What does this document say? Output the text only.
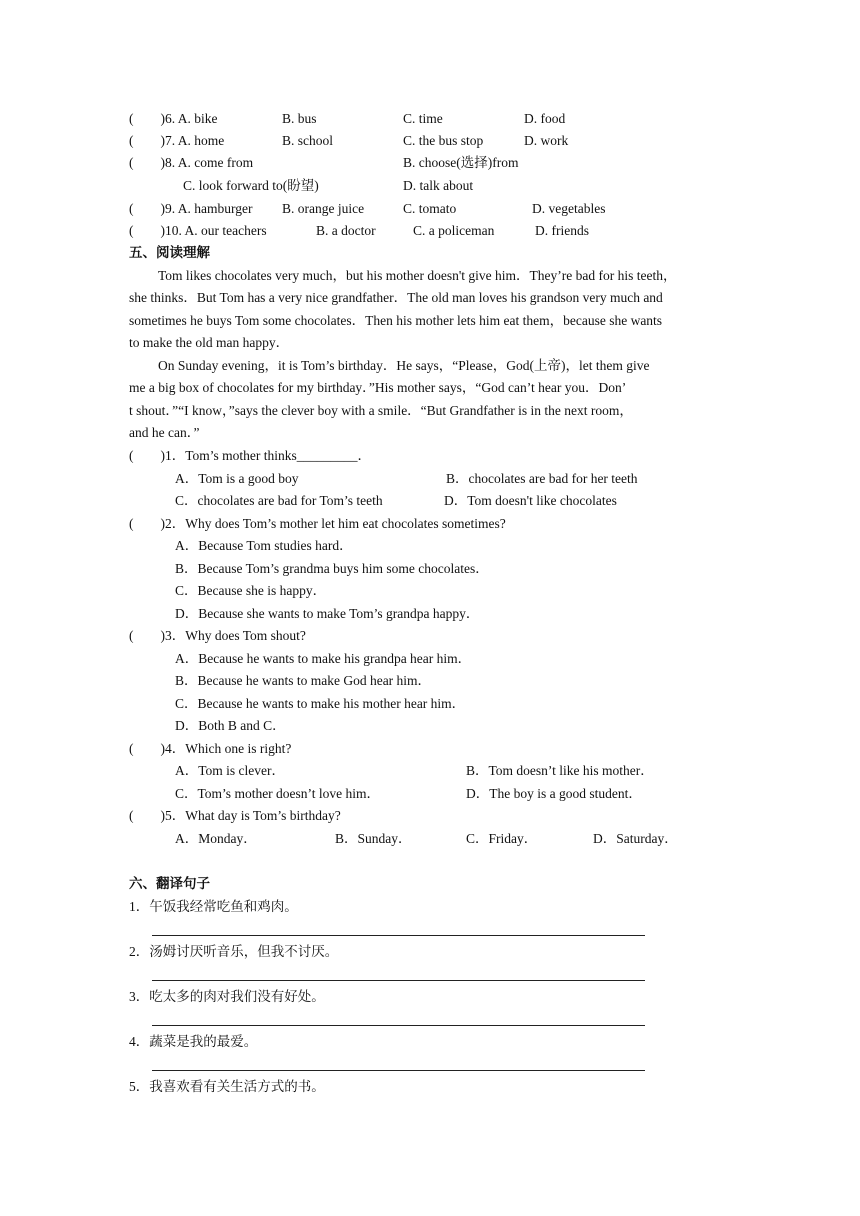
(        )6. A. bike	B. bus	C. time	D. food
(        )7. A. home	B. school	C. the bus stop	D. work
(        )8. A. come from	B. choose(选择)from
C. look forward to(盼望)	D. talk about
(        )9. A. hamburger B. orange juice	C. tomato	D. vegetables
(        )10. A. our teachers	B. a doctor	C. a policeman	D. friends
五、阅读理解
Tom likes chocolates very much，but his mother doesn't give him．They’re bad for his teeth，
she thinks．But Tom has a very nice grandfather．The old man loves his grandson very much and
sometimes he buys Tom some chocolates．Then his mother lets him eat them，because she wants
to make the old man happy．
On Sunday evening，it is Tom’s birthday．He says，“Please，God(上帝)，let them give
me a big box of chocolates for my birthday．”His mother says，“God can’t hear you．Don’
t shout．”“I know，”says the clever boy with a smile．“But Grandfather is in the next room，
and he can．”
(        )1．Tom’s mother thinks_________．
A．Tom is a good boy	B．chocolates are bad for her teeth
C．chocolates are bad for Tom’s teeth	D．Tom doesn't like chocolates
(        )2．Why does Tom’s mother let him eat chocolates sometimes?
A．Because Tom studies hard．
B．Because Tom’s grandma buys him some chocolates．
C．Because she is happy．
D．Because she wants to make Tom’s grandpa happy．
(        )3．Why does Tom shout?
A．Because he wants to make his grandpa hear him．
B．Because he wants to make God hear him．
C．Because he wants to make his mother hear him．
D．Both B and C．
(        )4．Which one is right?
A．Tom is clever．	B．Tom doesn’t like his mother．
C．Tom’s mother doesn’t love him．	D．The boy is a good student．
(        )5．What day is Tom’s birthday?
A．Monday．	B．Sunday．	C．Friday．	D．Saturday．
六、翻译句子
1．午饭我经常吃鱼和鸡肉。
2．汤姆讨厌听音乐，但我不讨厌。
3．吃太多的肉对我们没有好处。
4．蔬菜是我的最爱。
5．我喜欢看有关生活方式的书。
